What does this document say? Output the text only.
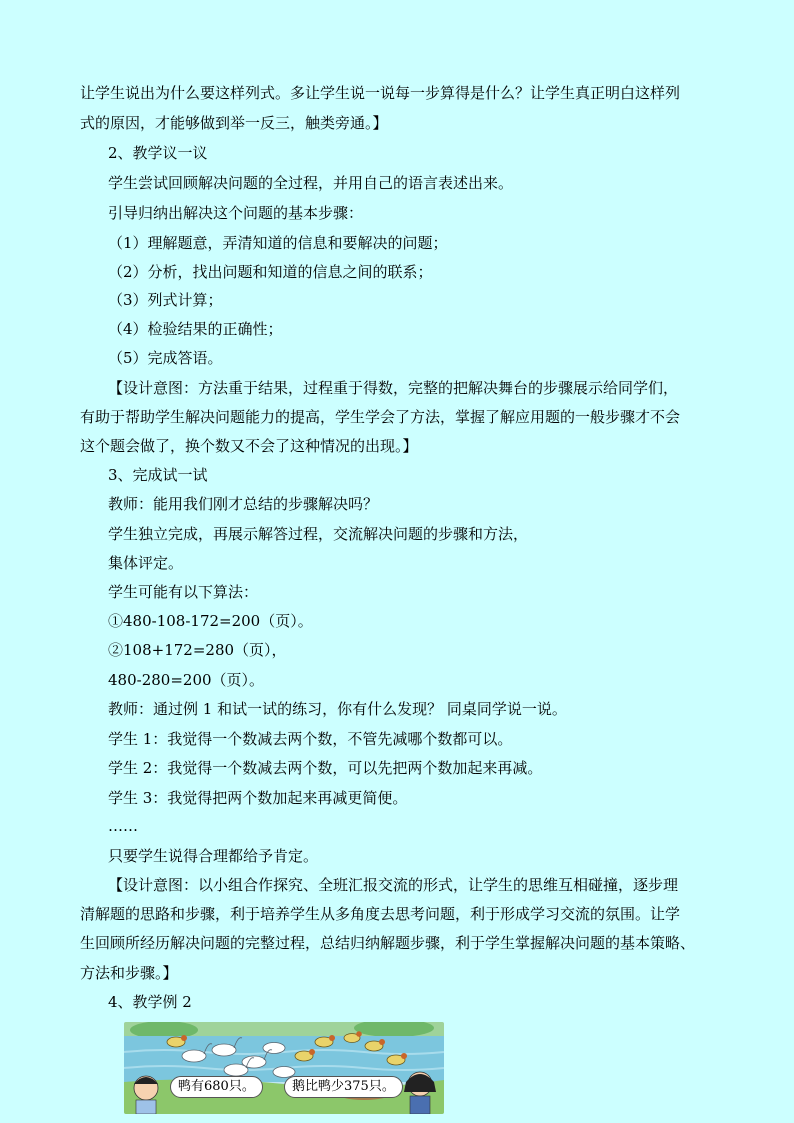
让学生说出为什么要这样列式。多让学生说一说每一步算得是什么？让学生真正明白这样列
式的原因，才能够做到举一反三，触类旁通。】
2、教学议一议
学生尝试回顾解决问题的全过程，并用自己的语言表述出来。
引导归纳出解决这个问题的基本步骤：
（1）理解题意，弄清知道的信息和要解决的问题；
（2）分析，找出问题和知道的信息之间的联系；
（3）列式计算；
（4）检验结果的正确性；
（5）完成答语。
【设计意图：方法重于结果，过程重于得数，完整的把解决舞台的步骤展示给同学们，
有助于帮助学生解决问题能力的提高，学生学会了方法，掌握了解应用题的一般步骤才不会
这个题会做了，换个数又不会了这种情况的出现。】
3、完成试一试
教师：能用我们刚才总结的步骤解决吗？
学生独立完成，再展示解答过程，交流解决问题的步骤和方法，
集体评定。
学生可能有以下算法：
①480-108-172=200（页）。
②108+172=280（页），
480-280=200（页）。
教师：通过例 1 和试一试的练习，你有什么发现？ 同桌同学说一说。
学生 1：我觉得一个数减去两个数，不管先减哪个数都可以。
学生 2：我觉得一个数减去两个数，可以先把两个数加起来再减。
学生 3：我觉得把两个数加起来再减更简便。
……
只要学生说得合理都给予肯定。
【设计意图：以小组合作探究、全班汇报交流的形式，让学生的思维互相碰撞，逐步理
清解题的思路和步骤，利于培养学生从多角度去思考问题，利于形成学习交流的氛围。让学
生回顾所经历解决问题的完整过程，总结归纳解题步骤，利于学生掌握解决问题的基本策略、
方法和步骤。】
4、教学例 2
鸭有680只。	鹅比鸭少375只。
